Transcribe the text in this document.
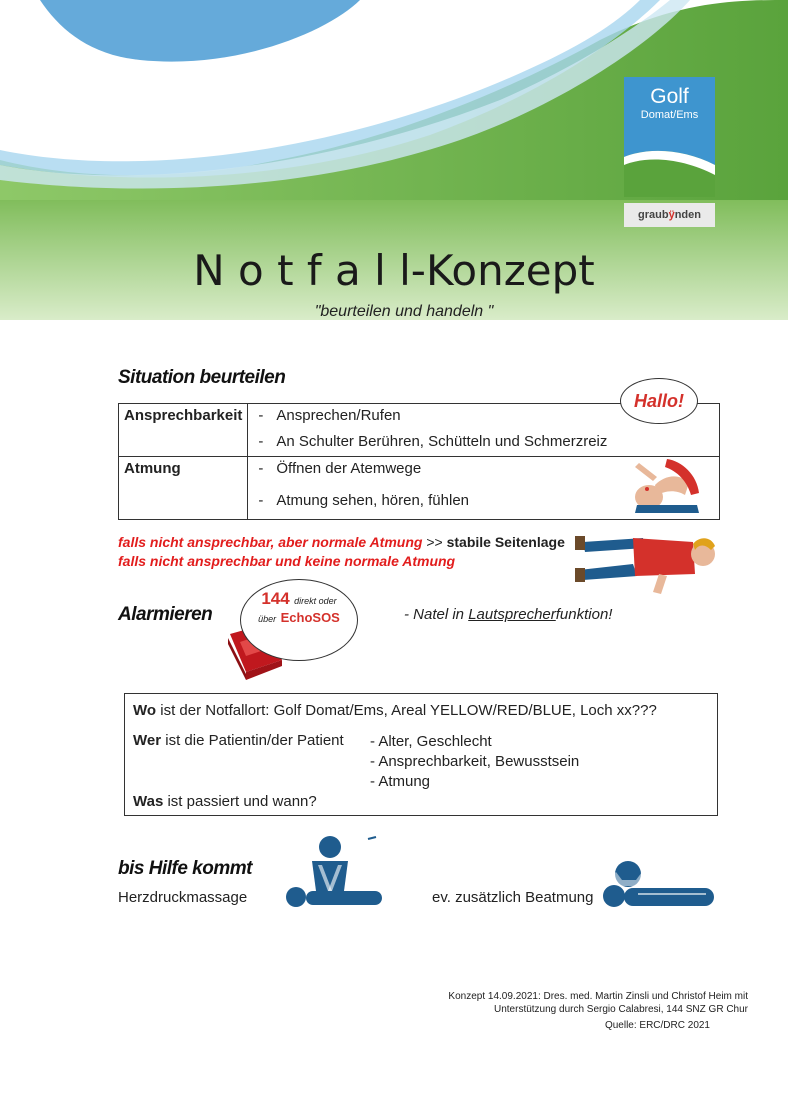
Golf
Domat/Ems
graubÿnden
N o t f a l l-Konzept
"beurteilen und handeln "
Situation beurteilen
Ansprechbarkeit	- Ansprechen/Rufen
- An Schulter Berühren, Schütteln und Schmerzreiz

Atmung	- Öffnen der Atemwege
- Atmung sehen, hören, fühlen
Hallo!
falls nicht ansprechbar, aber normale Atmung >> stabile Seitenlage
falls nicht ansprechbar und keine normale Atmung
Alarmieren
144 direkt oder
über EchoSOS	- Natel in Lautsprecherfunktion!
Wo ist der Notfallort: Golf Domat/Ems, Areal YELLOW/RED/BLUE, Loch xx???
Wer ist die Patientin/der Patient - Alter, Geschlecht
- Ansprechbarkeit, Bewusstsein
- Atmung
Was ist passiert und wann?
bis Hilfe kommt
Herzdruckmassage	ev. zusätzlich Beatmung
Konzept 14.09.2021: Dres. med. Martin Zinsli und Christof Heim mit
Unterstützung durch Sergio Calabresi, 144 SNZ GR Chur
Quelle: ERC/DRC 2021
